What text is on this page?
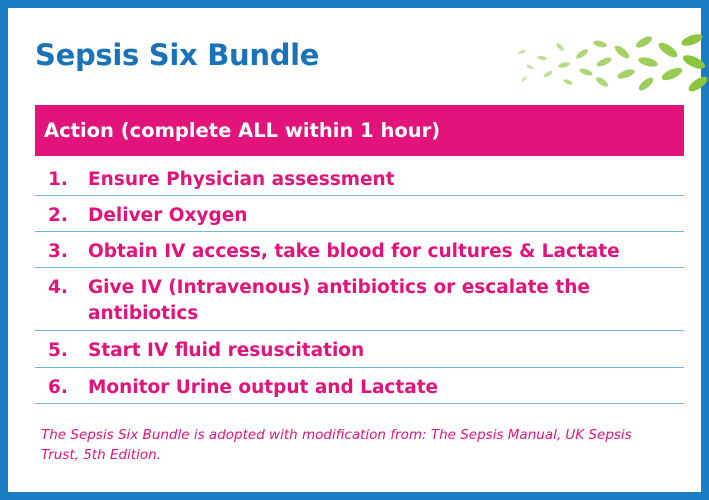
Sepsis Six Bundle
Action (complete ALL within 1 hour)
1.	Ensure Physician assessment
2.	Deliver Oxygen
3.	Obtain IV access, take blood for cultures & Lactate
4.	Give IV (Intravenous) antibiotics or escalate the
antibiotics
5.	Start IV fluid resuscitation
6.	Monitor Urine output and Lactate
The Sepsis Six Bundle is adopted with modification from: The Sepsis Manual, UK Sepsis
Trust, 5th Edition.
